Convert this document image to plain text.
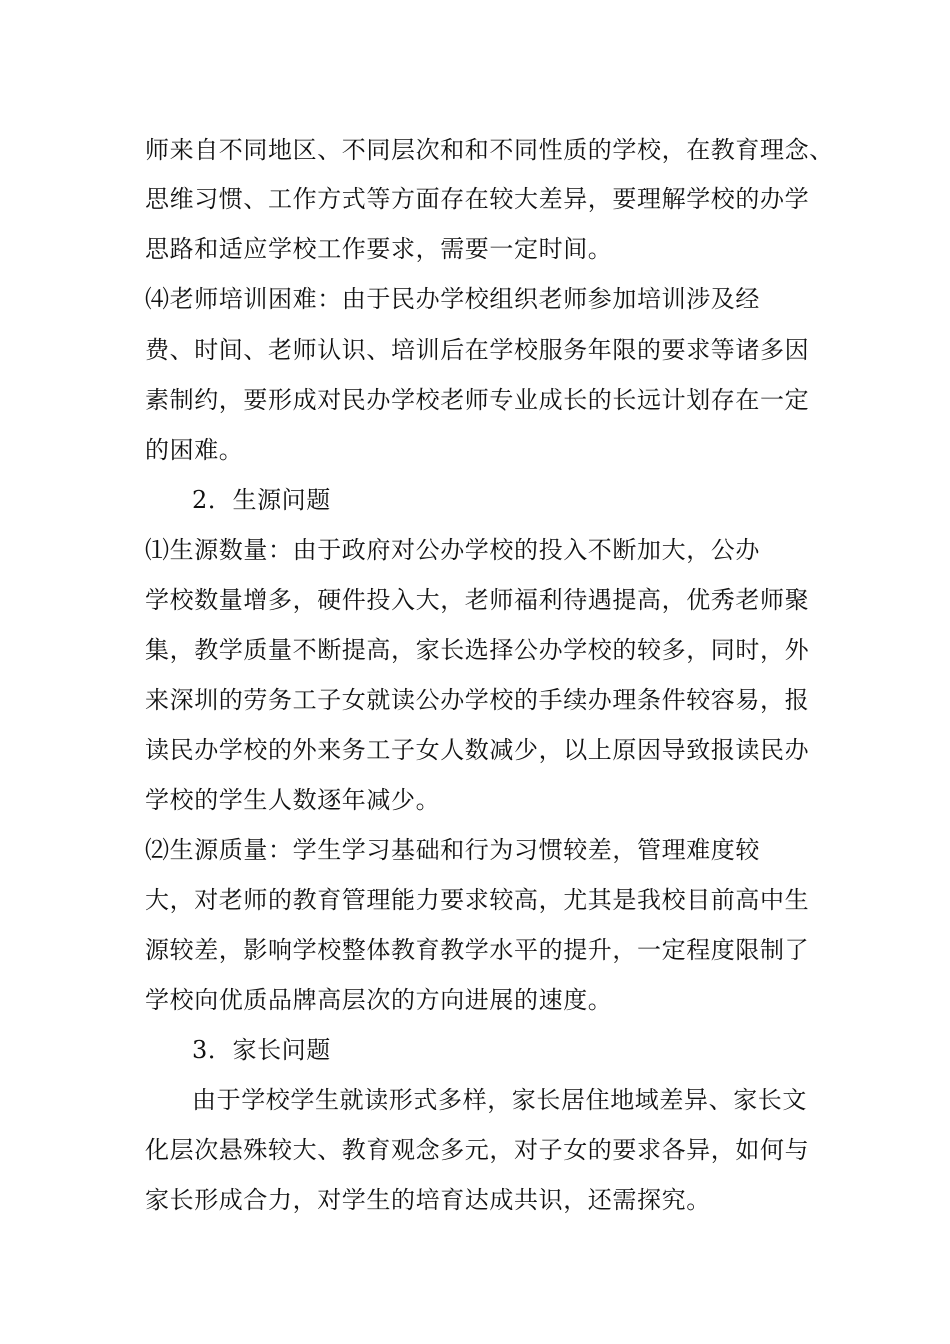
师来自不同地区、不同层次和和不同性质的学校，在教育理念、
思维习惯、工作方式等方面存在较大差异，要理解学校的办学
思路和适应学校工作要求，需要一定时间。
⑷老师培训困难：由于民办学校组织老师参加培训涉及经
费、时间、老师认识、培训后在学校服务年限的要求等诸多因
素制约，要形成对民办学校老师专业成长的长远计划存在一定
的困难。
2．生源问题
⑴生源数量：由于政府对公办学校的投入不断加大，公办
学校数量增多，硬件投入大，老师福利待遇提高，优秀老师聚
集，教学质量不断提高，家长选择公办学校的较多，同时，外
来深圳的劳务工子女就读公办学校的手续办理条件较容易，报
读民办学校的外来务工子女人数减少，以上原因导致报读民办
学校的学生人数逐年减少。
⑵生源质量：学生学习基础和行为习惯较差，管理难度较
大，对老师的教育管理能力要求较高，尤其是我校目前高中生
源较差，影响学校整体教育教学水平的提升，一定程度限制了
学校向优质品牌高层次的方向进展的速度。
3．家长问题
由于学校学生就读形式多样，家长居住地域差异、家长文
化层次悬殊较大、教育观念多元，对子女的要求各异，如何与
家长形成合力，对学生的培育达成共识，还需探究。
